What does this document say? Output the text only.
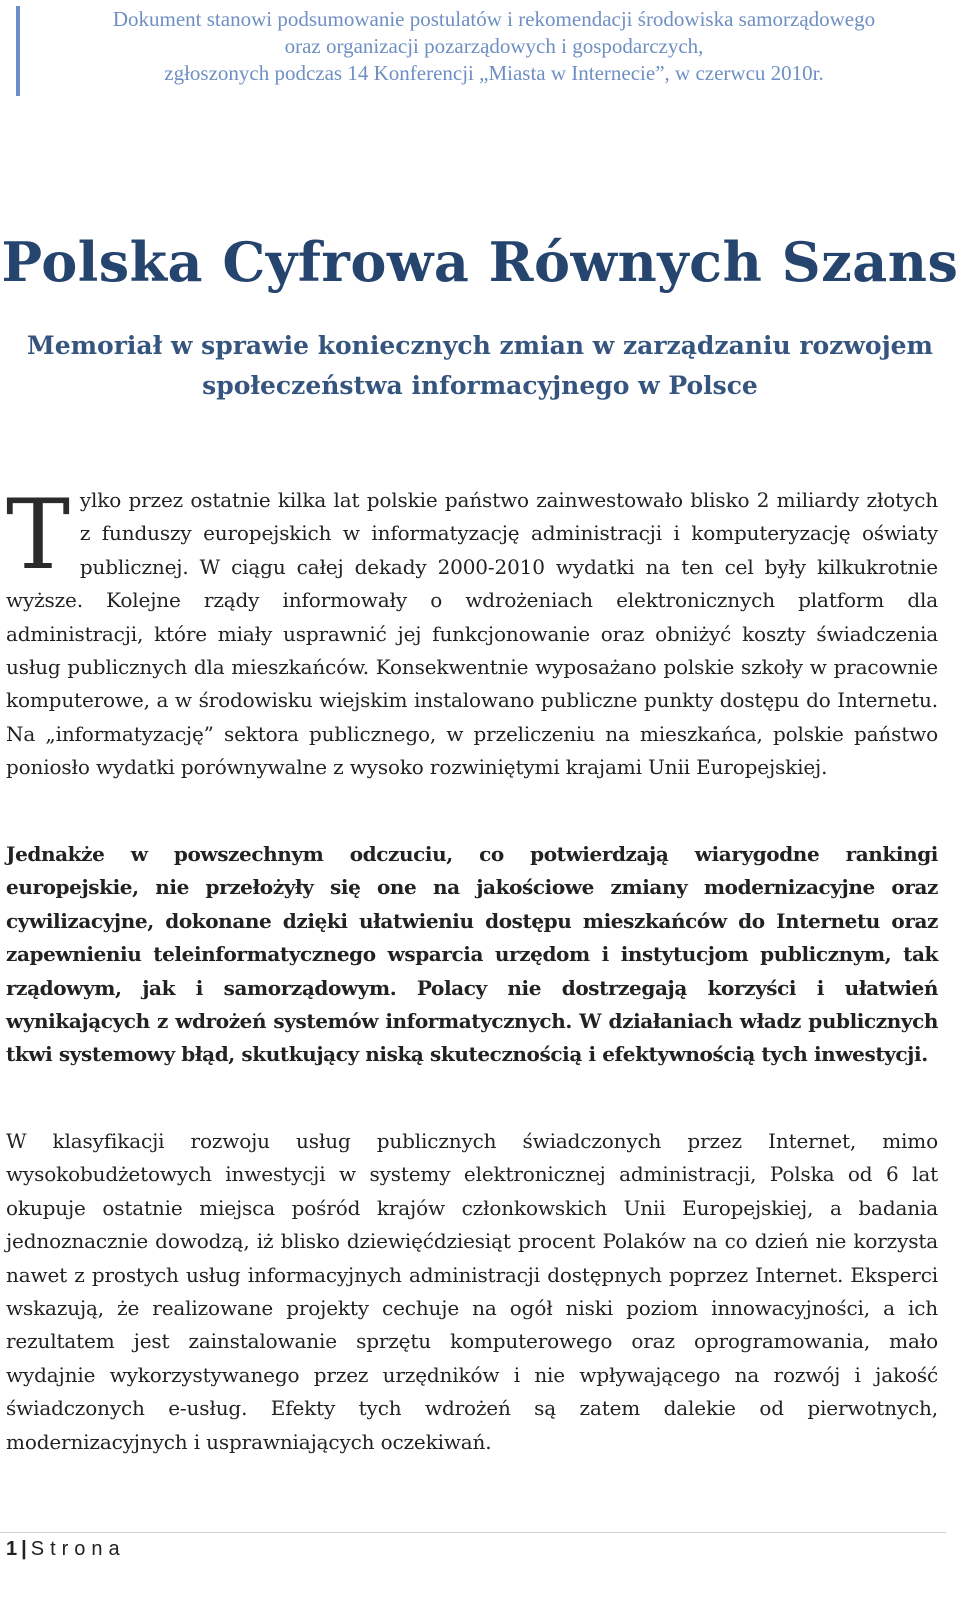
Dokument stanowi podsumowanie postulatów i rekomendacji środowiska samorządowego

oraz organizacji pozarządowych i gospodarczych,

zgłoszonych podczas 14 Konferencji „Miasta w Internecie”, w czerwcu 2010r.

Polska Cyfrowa Równych Szans
Memoriał w sprawie koniecznych zmian w zarządzaniu rozwojem
społeczeństwa informacyjnego w Polsce

Tylko przez ostatnie kilka lat polskie państwo zainwestowało blisko 2 miliardy złotych z funduszy europejskich w informatyzację administracji i komputeryzację oświaty publicznej. W ciągu całej dekady 2000-2010 wydatki na ten cel były kilkukrotnie wyższe. Kolejne rządy informowały o wdrożeniach elektronicznych platform dla administracji, które miały usprawnić jej funkcjonowanie oraz obniżyć koszty świadczenia usług publicznych dla mieszkańców. Konsekwentnie wyposażano polskie szkoły w pracownie komputerowe, a w środowisku wiejskim instalowano publiczne punkty dostępu do Internetu. Na „informatyzację” sektora publicznego, w przeliczeniu na mieszkańca, polskie państwo poniosło wydatki porównywalne z wysoko rozwiniętymi krajami Unii Europejskiej.

Jednakże w powszechnym odczuciu, co potwierdzają wiarygodne rankingi europejskie, nie przełożyły się one na jakościowe zmiany modernizacyjne oraz cywilizacyjne, dokonane dzięki ułatwieniu dostępu mieszkańców do Internetu oraz zapewnieniu teleinformatycznego wsparcia urzędom i instytucjom publicznym, tak rządowym, jak i samorządowym. Polacy nie dostrzegają korzyści i ułatwień wynikających z wdrożeń systemów informatycznych. W działaniach władz publicznych tkwi systemowy błąd, skutkujący niską skutecznością i efektywnością tych inwestycji.

W klasyfikacji rozwoju usług publicznych świadczonych przez Internet, mimo wysokobudżetowych inwestycji w systemy elektronicznej administracji, Polska od 6 lat okupuje ostatnie miejsca pośród krajów członkowskich Unii Europejskiej, a badania jednoznacznie dowodzą, iż blisko dziewięćdziesiąt procent Polaków na co dzień nie korzysta nawet z prostych usług informacyjnych administracji dostępnych poprzez Internet. Eksperci wskazują, że realizowane projekty cechuje na ogół niski poziom innowacyjności, a ich rezultatem jest zainstalowanie sprzętu komputerowego oraz oprogramowania, mało wydajnie wykorzystywanego przez urzędników i nie wpływającego na rozwój i jakość świadczonych e-usług. Efekty tych wdrożeń są zatem dalekie od pierwotnych, modernizacyjnych i usprawniających oczekiwań.

1 | Strona
